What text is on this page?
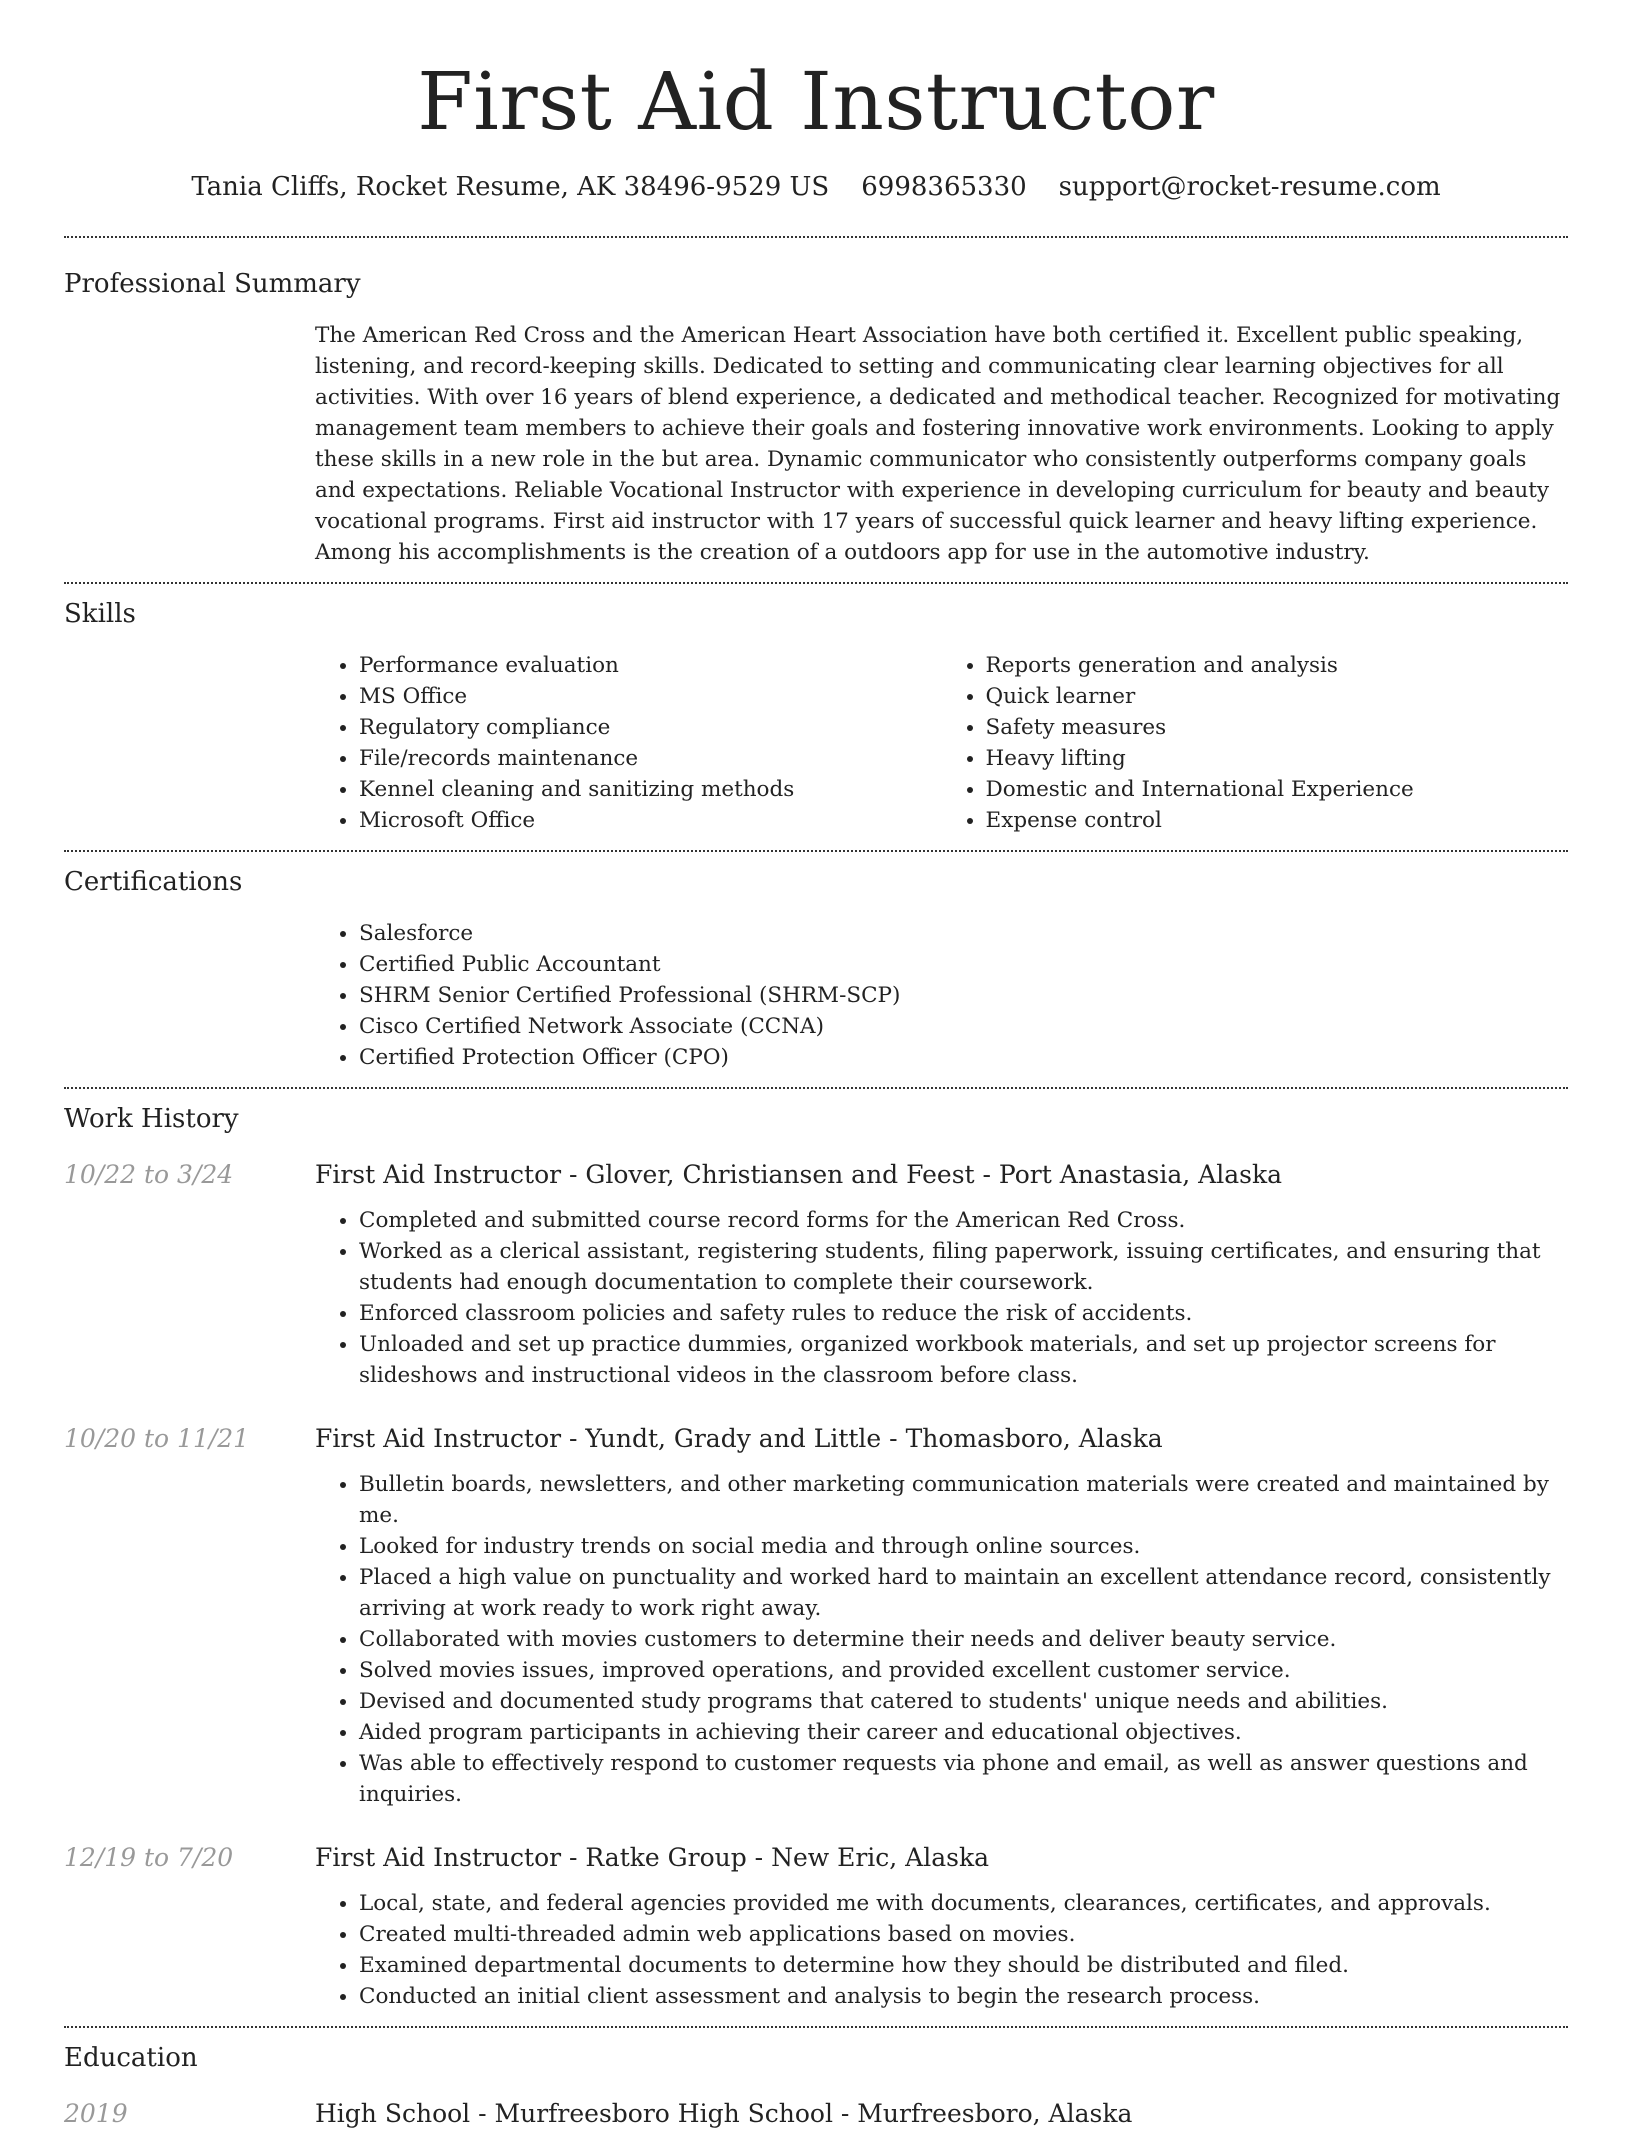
First Aid Instructor
Tania Cliffs, Rocket Resume, AK 38496-9529 US 6998365330 support@rocket-resume.com
Professional Summary

The American Red Cross and the American Heart Association have both certified it. Excellent public speaking, listening, and record-keeping skills. Dedicated to setting and communicating clear learning objectives for all activities. With over 16 years of blend experience, a dedicated and methodical teacher. Recognized for motivating management team members to achieve their goals and fostering innovative work environments. Looking to apply these skills in a new role in the but area. Dynamic communicator who consistently outperforms company goals and expectations. Reliable Vocational Instructor with experience in developing curriculum for beauty and beauty vocational programs. First aid instructor with 17 years of successful quick learner and heavy lifting experience. Among his accomplishments is the creation of a outdoors app for use in the automotive industry.

Skills
• Performance evaluation
• MS Office
• Regulatory compliance
• File/records maintenance
• Kennel cleaning and sanitizing methods
• Microsoft Office
• Reports generation and analysis
• Quick learner
• Safety measures
• Heavy lifting
• Domestic and International Experience
• Expense control
Certifications
• Salesforce
• Certified Public Accountant
• SHRM Senior Certified Professional (SHRM-SCP)
• Cisco Certified Network Associate (CCNA)
• Certified Protection Officer (CPO)
Work History
10/22 to 3/24	First Aid Instructor - Glover, Christiansen and Feest - Port Anastasia, Alaska
• Completed and submitted course record forms for the American Red Cross.
• Worked as a clerical assistant, registering students, filing paperwork, issuing certificates, and ensuring that students had enough documentation to complete their coursework.
• Enforced classroom policies and safety rules to reduce the risk of accidents.
• Unloaded and set up practice dummies, organized workbook materials, and set up projector screens for slideshows and instructional videos in the classroom before class.
10/20 to 11/21	First Aid Instructor - Yundt, Grady and Little - Thomasboro, Alaska
• Bulletin boards, newsletters, and other marketing communication materials were created and maintained by me.
• Looked for industry trends on social media and through online sources.
• Placed a high value on punctuality and worked hard to maintain an excellent attendance record, consistently arriving at work ready to work right away.
• Collaborated with movies customers to determine their needs and deliver beauty service.
• Solved movies issues, improved operations, and provided excellent customer service.
• Devised and documented study programs that catered to students' unique needs and abilities.
• Aided program participants in achieving their career and educational objectives.
• Was able to effectively respond to customer requests via phone and email, as well as answer questions and inquiries.
12/19 to 7/20	First Aid Instructor - Ratke Group - New Eric, Alaska
• Local, state, and federal agencies provided me with documents, clearances, certificates, and approvals.
• Created multi-threaded admin web applications based on movies.
• Examined departmental documents to determine how they should be distributed and filed.
• Conducted an initial client assessment and analysis to begin the research process.
Education
2019	High School - Murfreesboro High School - Murfreesboro, Alaska
